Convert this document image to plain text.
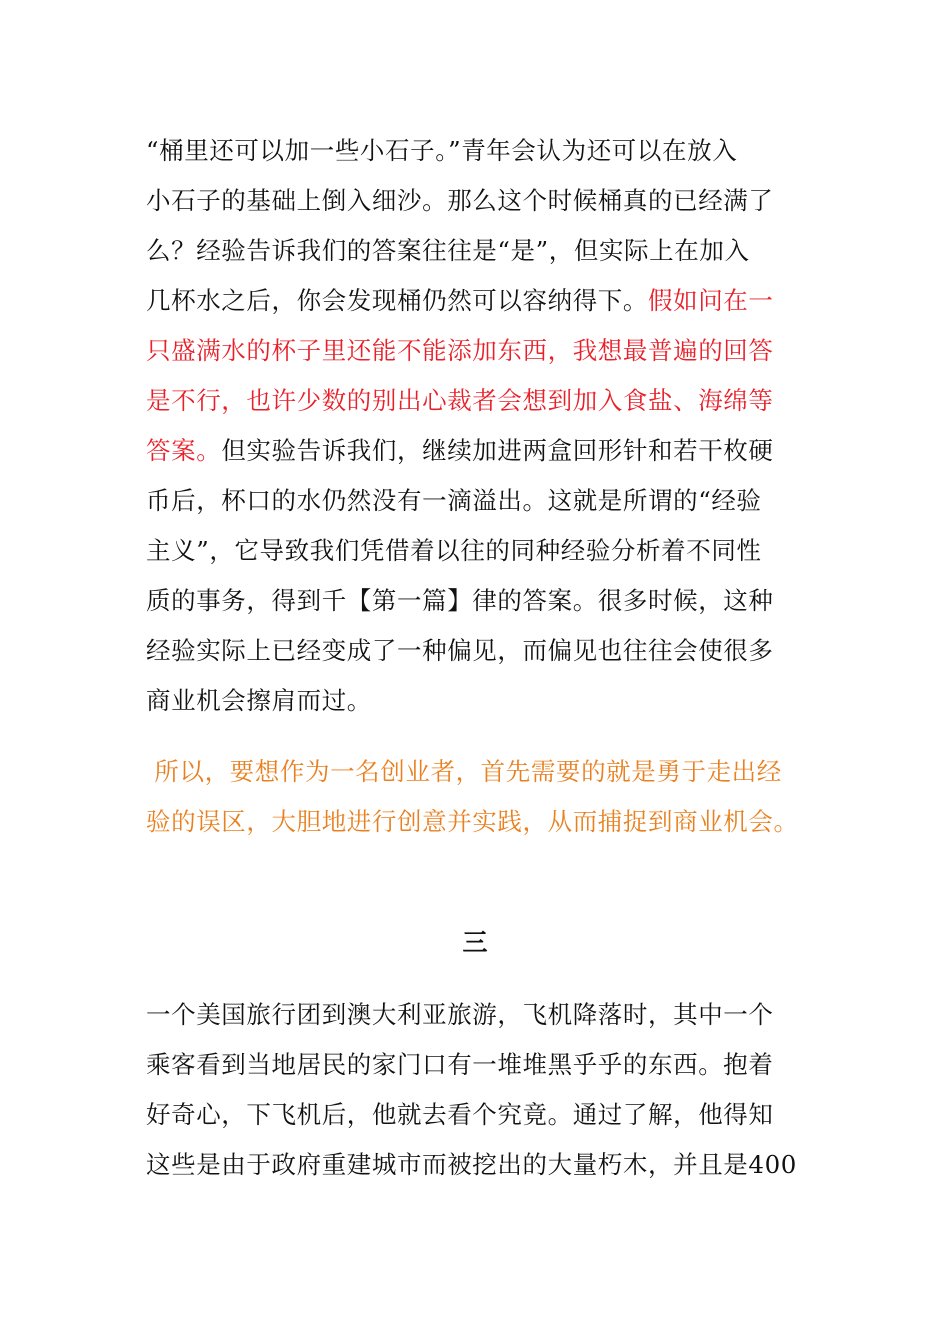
“桶里还可以加一些小石子。”青年会认为还可以在放入
小石子的基础上倒入细沙。那么这个时候桶真的已经满了
么？经验告诉我们的答案往往是“是”，但实际上在加入
几杯水之后，你会发现桶仍然可以容纳得下。假如问在一
只盛满水的杯子里还能不能添加东西，我想最普遍的回答
是不行，也许少数的别出心裁者会想到加入食盐、海绵等
答案。但实验告诉我们，继续加进两盒回形针和若干枚硬
币后，杯口的水仍然没有一滴溢出。这就是所谓的“经验
主义”，它导致我们凭借着以往的同种经验分析着不同性
质的事务，得到千【第一篇】律的答案。很多时候，这种
经验实际上已经变成了一种偏见，而偏见也往往会使很多
商业机会擦肩而过。

所以，要想作为一名创业者，首先需要的就是勇于走出经
验的误区，大胆地进行创意并实践，从而捕捉到商业机会。

三

一个美国旅行团到澳大利亚旅游，飞机降落时，其中一个
乘客看到当地居民的家门口有一堆堆黑乎乎的东西。抱着
好奇心，下飞机后，他就去看个究竟。通过了解，他得知
这些是由于政府重建城市而被挖出的大量朽木，并且是400
